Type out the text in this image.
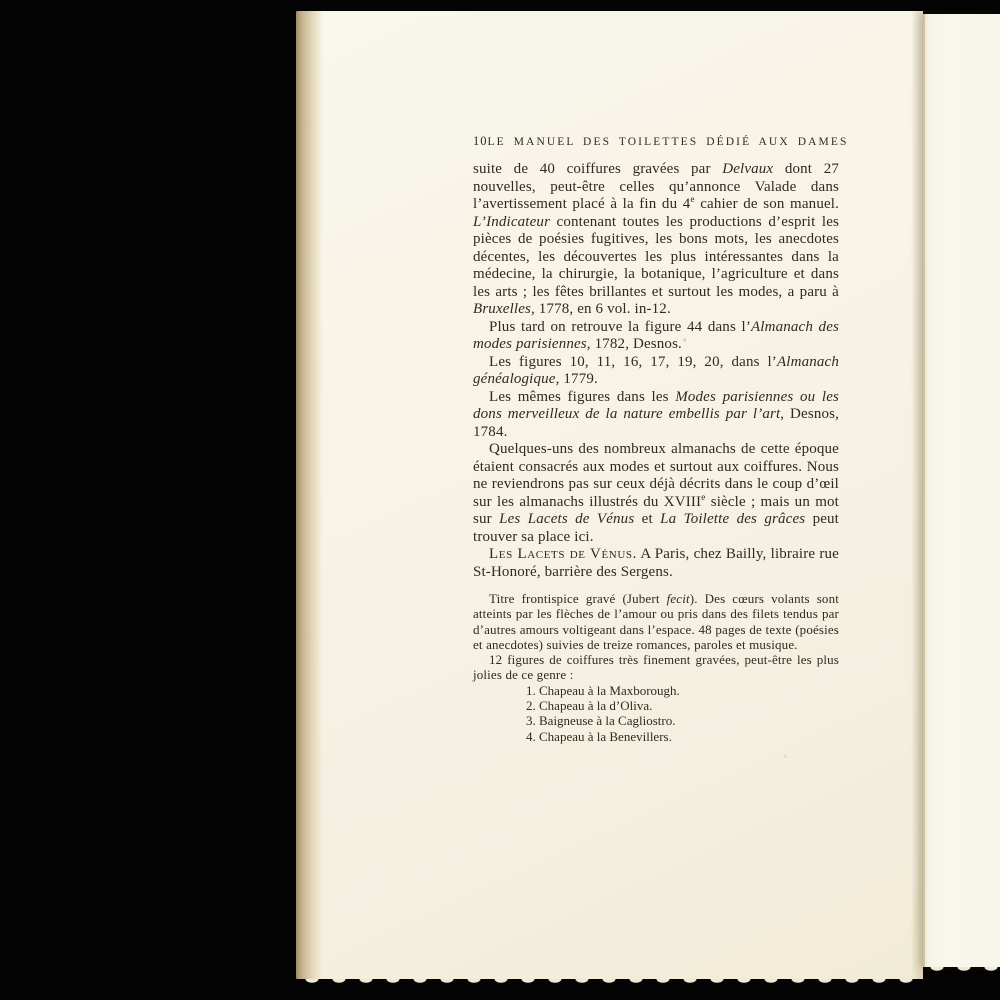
10 LE MANUEL DES TOILETTES DÉDIÉ AUX DAMES

suite de 40 coiffures gravées par Delvaux dont 27 nouvelles, peut-être celles qu’annonce Valade dans l’avertissement placé à la fin du 4e cahier de son manuel. L’Indicateur contenant toutes les productions d’esprit les pièces de poésies fugitives, les bons mots, les anecdotes décentes, les découvertes les plus intéressantes dans la médecine, la chirurgie, la botanique, l’agriculture et dans les arts ; les fêtes brillantes et surtout les modes, a paru à Bruxelles, 1778, en 6 vol. in-12.

Plus tard on retrouve la figure 44 dans l’Almanach des modes parisiennes, 1782, Desnos.

Les figures 10, 11, 16, 17, 19, 20, dans l’Almanach généalogique, 1779.

Les mêmes figures dans les Modes parisiennes ou les dons merveilleux de la nature embellis par l’art, Desnos, 1784.

Quelques-uns des nombreux almanachs de cette époque étaient consacrés aux modes et surtout aux coiffures. Nous ne reviendrons pas sur ceux déjà décrits dans le coup d’œil sur les almanachs illustrés du XVIIIe siècle ; mais un mot sur Les Lacets de Vénus et La Toilette des grâces peut trouver sa place ici.

Les Lacets de Vénus. A Paris, chez Bailly, libraire rue St-Honoré, barrière des Sergens.

Titre frontispice gravé (Jubert fecit). Des cœurs volants sont atteints par les flèches de l’amour ou pris dans des filets tendus par d’autres amours voltigeant dans l’espace. 48 pages de texte (poésies et anecdotes) suivies de treize romances, paroles et musique.

12 figures de coiffures très finement gravées, peut-être les plus jolies de ce genre :

1. Chapeau à la Maxborough.
2. Chapeau à la d’Oliva.
3. Baigneuse à la Cagliostro.
4. Chapeau à la Benevillers.
